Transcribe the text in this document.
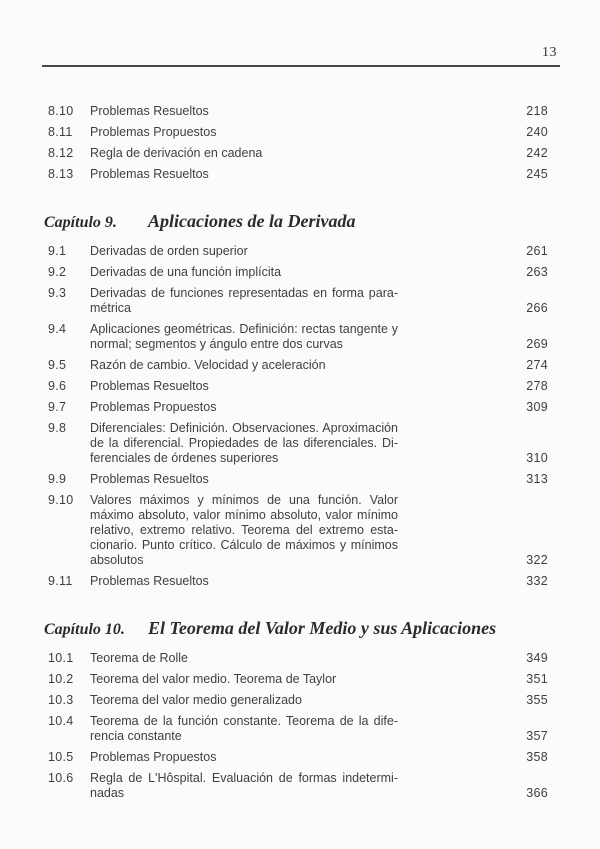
13
8.10	Problemas Resueltos	218
8.11	Problemas Propuestos	240
8.12	Regla de derivación en cadena	242
8.13	Problemas Resueltos	245
Capítulo 9.	Aplicaciones de la Derivada
9.1	Derivadas de orden superior	261
9.2	Derivadas de una función implícita	263
9.3	Derivadas de funciones representadas en forma para-
métrica	266
9.4	Aplicaciones geométricas. Definición: rectas tangente y
normal; segmentos y ángulo entre dos curvas	269
9.5	Razón de cambio. Velocidad y aceleración	274
9.6	Problemas Resueltos	278
9.7	Problemas Propuestos	309
9.8	Diferenciales: Definición. Observaciones. Aproximación
de la diferencial. Propiedades de las diferenciales. Di-
ferenciales de órdenes superiores	310
9.9	Problemas Resueltos	313
9.10	Valores máximos y mínimos de una función. Valor
máximo absoluto, valor mínimo absoluto, valor mínimo
relativo, extremo relativo. Teorema del extremo esta-
cionario. Punto crítico. Cálculo de máximos y mínimos
absolutos	322
9.11	Problemas Resueltos	332
Capítulo 10.	El Teorema del Valor Medio y sus Aplicaciones
10.1	Teorema de Rolle	349
10.2	Teorema del valor medio. Teorema de Taylor	351
10.3	Teorema del valor medio generalizado	355
10.4	Teorema de la función constante. Teorema de la dife-
rencia constante	357
10.5	Problemas Propuestos	358
10.6	Regla de L'Hôspital. Evaluación de formas indetermi-
nadas	366
